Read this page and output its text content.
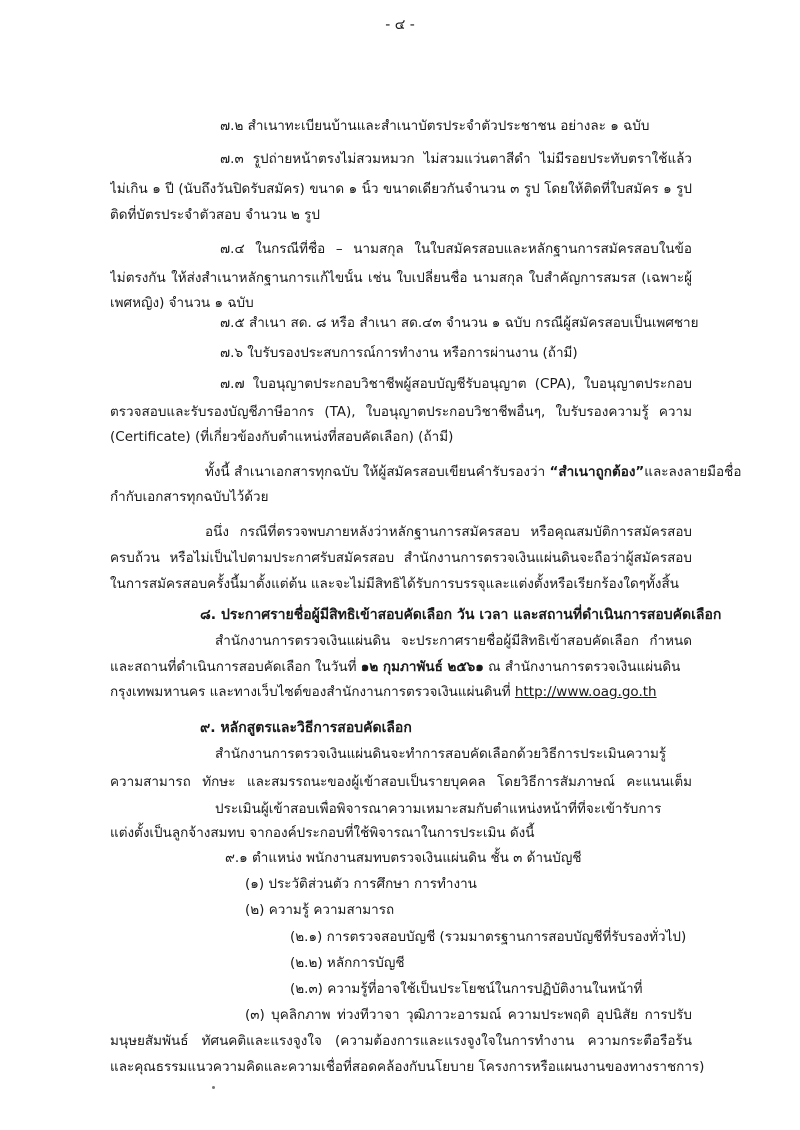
- ๔ -
๗.๒ สำเนาทะเบียนบ้านและสำเนาบัตรประจำตัวประชาชน อย่างละ ๑ ฉบับ
๗.๓ รูปถ่ายหน้าตรงไม่สวมหมวก ไม่สวมแว่นตาสีดำ ไม่มีรอยประทับตราใช้แล้ว
ไม่เกิน ๑ ปี (นับถึงวันปิดรับสมัคร) ขนาด ๑ นิ้ว ขนาดเดียวกันจำนวน ๓ รูป โดยให้ติดที่ใบสมัคร ๑ รูป
ติดที่บัตรประจำตัวสอบ จำนวน ๒ รูป
๗.๔ ในกรณีที่ชื่อ – นามสกุล ในใบสมัครสอบและหลักฐานการสมัครสอบในข้อ
ไม่ตรงกัน ให้ส่งสำเนาหลักฐานการแก้ไขนั้น เช่น ใบเปลี่ยนชื่อ นามสกุล ใบสำคัญการสมรส (เฉพาะผู้
เพศหญิง) จำนวน ๑ ฉบับ
๗.๕ สำเนา สด. ๘ หรือ สำเนา สด.๔๓ จำนวน ๑ ฉบับ กรณีผู้สมัครสอบเป็นเพศชาย
๗.๖ ใบรับรองประสบการณ์การทำงาน หรือการผ่านงาน (ถ้ามี)
๗.๗ ใบอนุญาตประกอบวิชาชีพผู้สอบบัญชีรับอนุญาต (CPA), ใบอนุญาตประกอบ
ตรวจสอบและรับรองบัญชีภาษีอากร (TA), ใบอนุญาตประกอบวิชาชีพอื่นๆ, ใบรับรองความรู้ ความ
(Certificate) (ที่เกี่ยวข้องกับตำแหน่งที่สอบคัดเลือก) (ถ้ามี)
ทั้งนี้ สำเนาเอกสารทุกฉบับ ให้ผู้สมัครสอบเขียนคำรับรองว่า “สำเนาถูกต้อง”และลงลายมือชื่อ
กำกับเอกสารทุกฉบับไว้ด้วย
อนึ่ง กรณีที่ตรวจพบภายหลังว่าหลักฐานการสมัครสอบ หรือคุณสมบัติการสมัครสอบ
ครบถ้วน หรือไม่เป็นไปตามประกาศรับสมัครสอบ สำนักงานการตรวจเงินแผ่นดินจะถือว่าผู้สมัครสอบ
ในการสมัครสอบครั้งนี้มาตั้งแต่ต้น และจะไม่มีสิทธิได้รับการบรรจุและแต่งตั้งหรือเรียกร้องใดๆทั้งสิ้น
๘. ประกาศรายชื่อผู้มีสิทธิเข้าสอบคัดเลือก วัน เวลา และสถานที่ดำเนินการสอบคัดเลือก
สำนักงานการตรวจเงินแผ่นดิน จะประกาศรายชื่อผู้มีสิทธิเข้าสอบคัดเลือก กำหนด
และสถานที่ดำเนินการสอบคัดเลือก ในวันที่ ๑๒ กุมภาพันธ์ ๒๕๖๑ ณ สำนักงานการตรวจเงินแผ่นดิน
กรุงเทพมหานคร และทางเว็บไซต์ของสำนักงานการตรวจเงินแผ่นดินที่ http://www.oag.go.th
๙. หลักสูตรและวิธีการสอบคัดเลือก
สำนักงานการตรวจเงินแผ่นดินจะทำการสอบคัดเลือกด้วยวิธีการประเมินความรู้
ความสามารถ ทักษะ และสมรรถนะของผู้เข้าสอบเป็นรายบุคคล โดยวิธีการสัมภาษณ์ คะแนนเต็ม
ประเมินผู้เข้าสอบเพื่อพิจารณาความเหมาะสมกับตำแหน่งหน้าที่ที่จะเข้ารับการ
แต่งตั้งเป็นลูกจ้างสมทบ จากองค์ประกอบที่ใช้พิจารณาในการประเมิน ดังนี้
๙.๑ ตำแหน่ง พนักงานสมทบตรวจเงินแผ่นดิน ชั้น ๓ ด้านบัญชี
(๑) ประวัติส่วนตัว การศึกษา การทำงาน
(๒) ความรู้ ความสามารถ
(๒.๑) การตรวจสอบบัญชี (รวมมาตรฐานการสอบบัญชีที่รับรองทั่วไป)
(๒.๒) หลักการบัญชี
(๒.๓) ความรู้ที่อาจใช้เป็นประโยชน์ในการปฏิบัติงานในหน้าที่
(๓) บุคลิกภาพ ท่วงทีวาจา วุฒิภาวะอารมณ์ ความประพฤติ อุปนิสัย การปรับ
มนุษยสัมพันธ์ ทัศนคติและแรงจูงใจ (ความต้องการและแรงจูงใจในการทำงาน ความกระตือรือร้น
และคุณธรรมแนวความคิดและความเชื่อที่สอดคล้องกับนโยบาย โครงการหรือแผนงานของทางราชการ)
